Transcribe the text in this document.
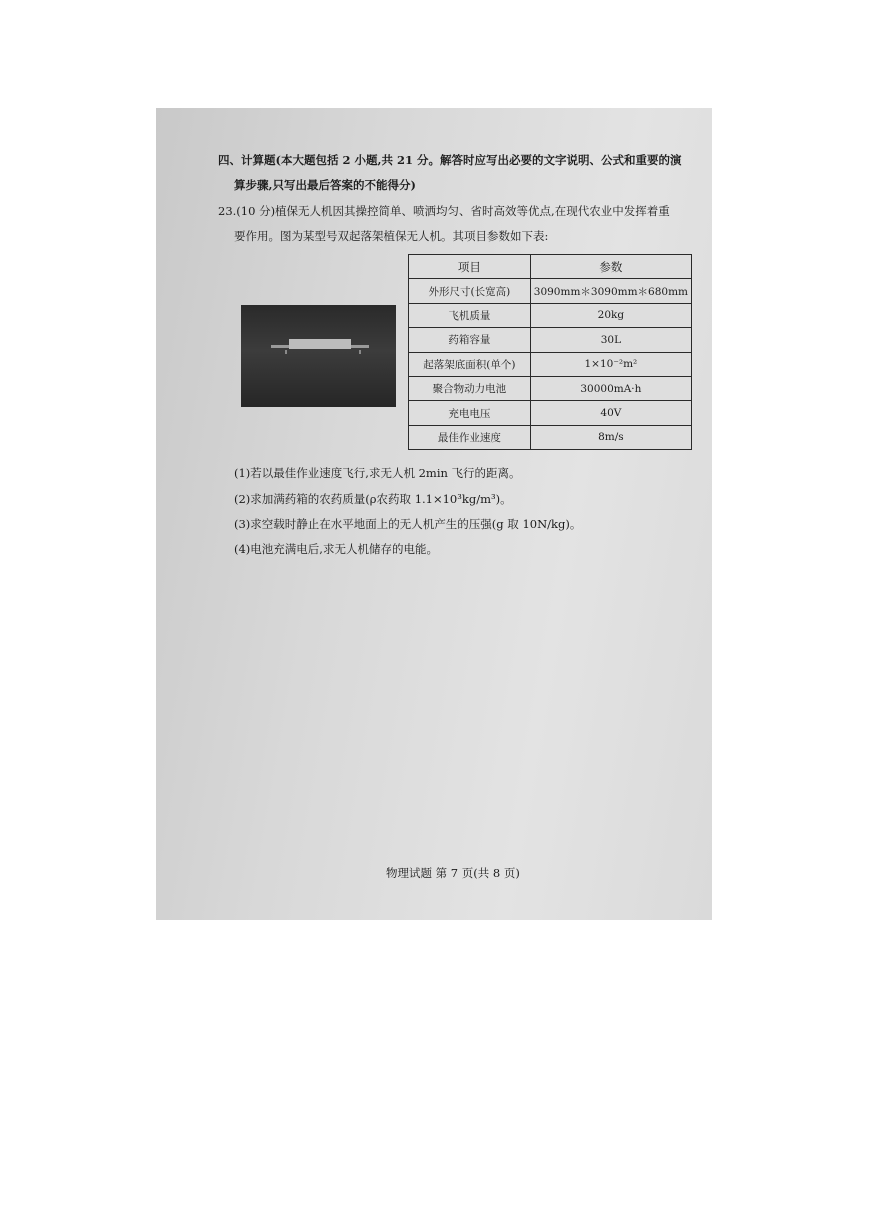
四、计算题(本大题包括 2 小题,共 21 分。解答时应写出必要的文字说明、公式和重要的演
算步骤,只写出最后答案的不能得分)
23.(10 分)植保无人机因其操控简单、喷洒均匀、省时高效等优点,在现代农业中发挥着重
要作用。图为某型号双起落架植保无人机。其项目参数如下表:
项目	参数
外形尺寸(长宽高)	3090mm＊3090mm＊680mm
飞机质量	20kg
药箱容量	30L
起落架底面积(单个)	1×10⁻²m²
聚合物动力电池	30000mA·h
充电电压	40V
最佳作业速度	8m/s
(1)若以最佳作业速度飞行,求无人机 2min 飞行的距离。
(2)求加满药箱的农药质量(ρ农药取 1.1×10³kg/m³)。
(3)求空载时静止在水平地面上的无人机产生的压强(g 取 10N/kg)。
(4)电池充满电后,求无人机储存的电能。
物理试题 第 7 页(共 8 页)
